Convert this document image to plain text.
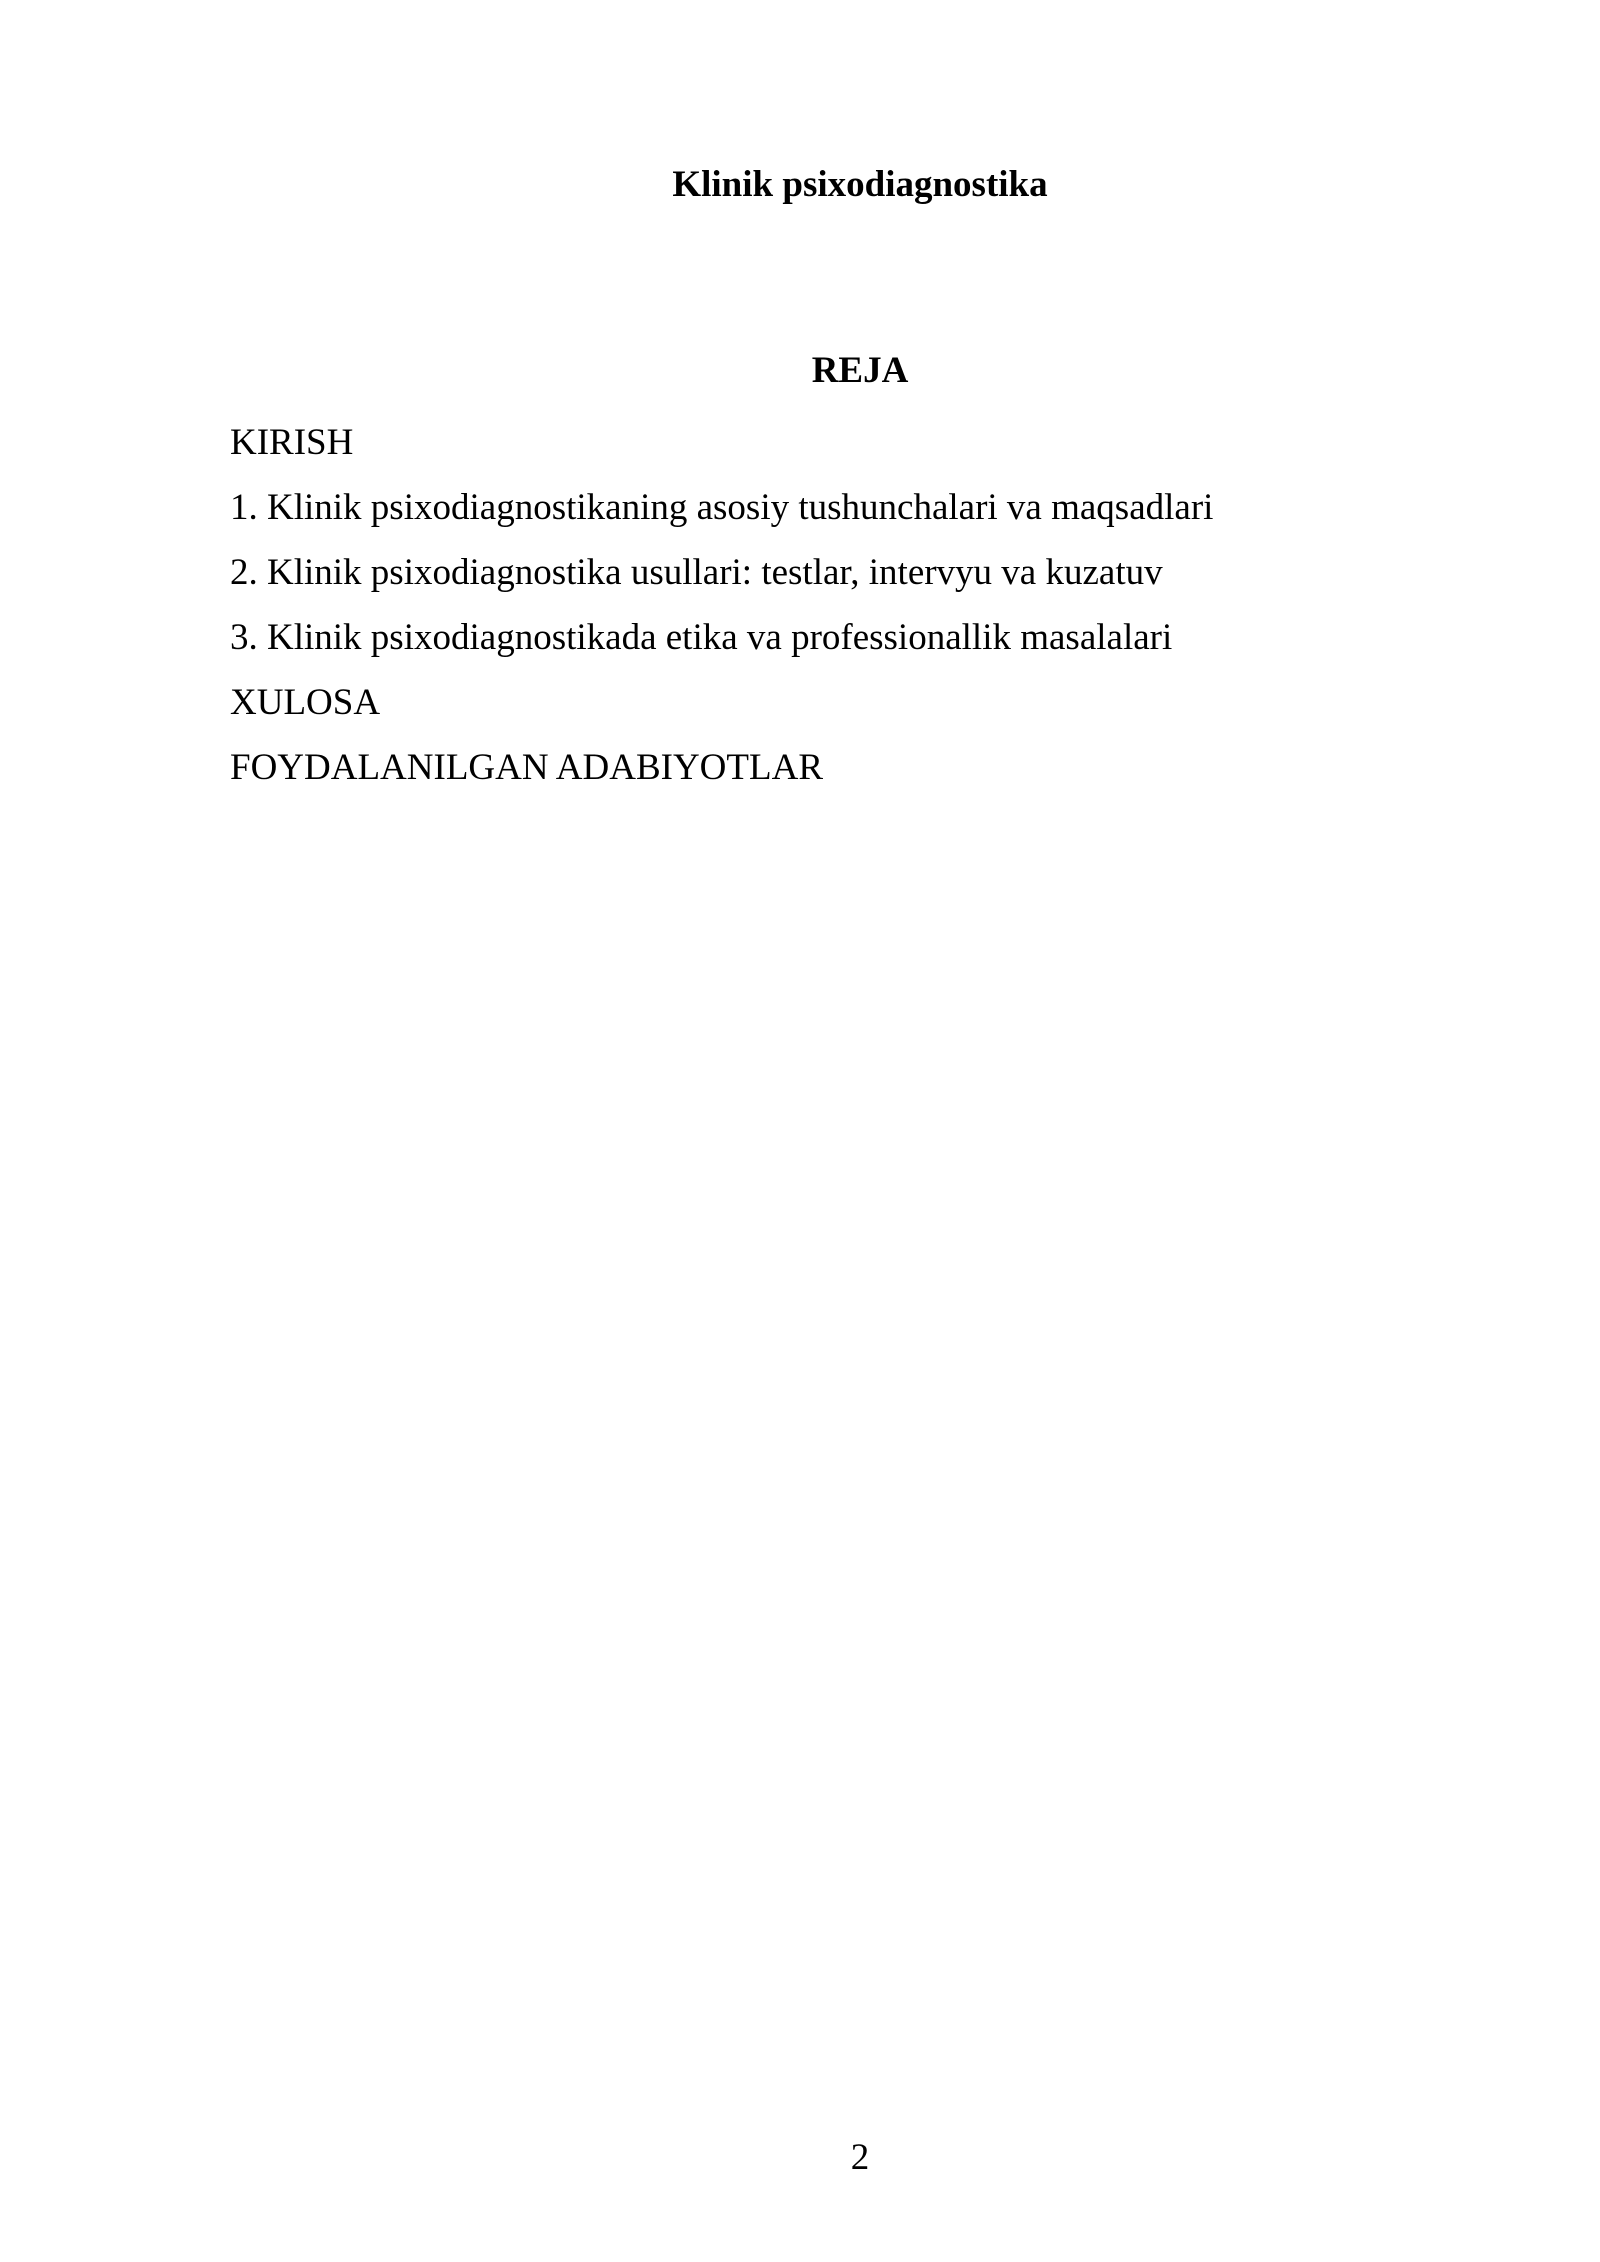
Klinik psixodiagnostika
REJA
KIRISH
1. Klinik psixodiagnostikaning asosiy tushunchalari va maqsadlari
2. Klinik psixodiagnostika usullari: testlar, intervyu va kuzatuv
3. Klinik psixodiagnostikada etika va professionallik masalalari
XULOSA
FOYDALANILGAN ADABIYOTLAR
2
